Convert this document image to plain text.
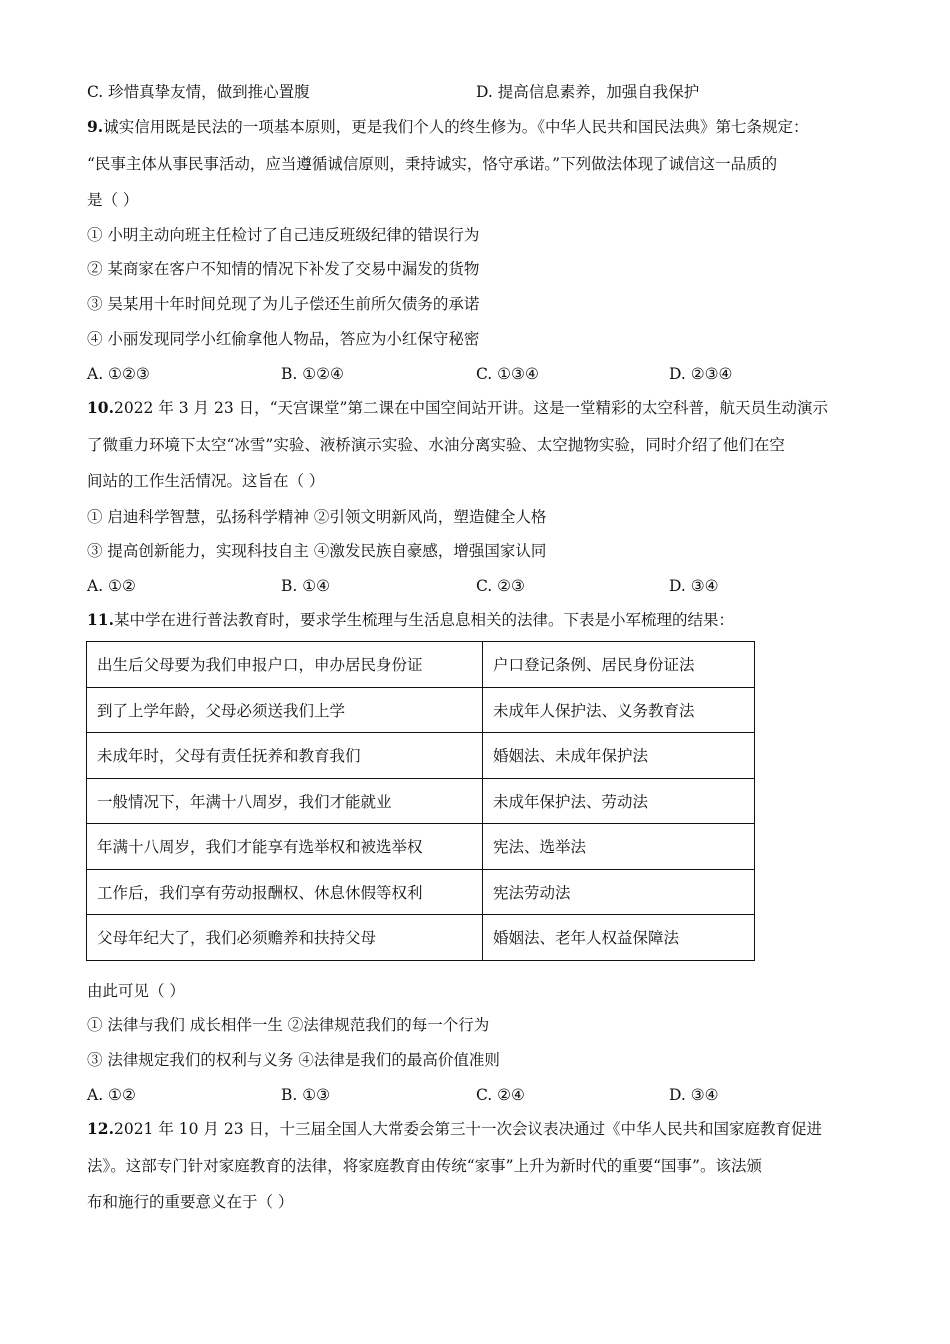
C. 珍惜真挚友情，做到推心置腹	D. 提高信息素养，加强自我保护
9.诚实信用既是民法的一项基本原则，更是我们个人的终生修为。《中华人民共和国民法典》第七条规定：
“民事主体从事民事活动，应当遵循诚信原则，秉持诚实，恪守承诺。”下列做法体现了诚信这一品质的
是（ ）
① 小明主动向班主任检讨了自己违反班级纪律的错误行为
② 某商家在客户不知情的情况下补发了交易中漏发的货物
③ 吴某用十年时间兑现了为儿子偿还生前所欠债务的承诺
④ 小丽发现同学小红偷拿他人物品，答应为小红保守秘密
A. ①②③	B. ①②④	C. ①③④	D. ②③④
10.2022 年 3 月 23 日，“天宫课堂”第二课在中国空间站开讲。这是一堂精彩的太空科普，航天员生动演示
了微重力环境下太空“冰雪”实验、液桥演示实验、水油分离实验、太空抛物实验，同时介绍了他们在空
间站的工作生活情况。这旨在（ ）
① 启迪科学智慧，弘扬科学精神 ②引领文明新风尚，塑造健全人格
③ 提高创新能力，实现科技自主 ④激发民族自豪感，增强国家认同
A. ①②	B. ①④	C. ②③	D. ③④
11.某中学在进行普法教育时，要求学生梳理与生活息息相关的法律。下表是小军梳理的结果：
出生后父母要为我们申报户口，申办居民身份证	户口登记条例、居民身份证法
到了上学年龄，父母必须送我们上学	未成年人保护法、义务教育法
未成年时，父母有责任抚养和教育我们	婚姻法、未成年保护法
一般情况下，年满十八周岁，我们才能就业	未成年保护法、劳动法
年满十八周岁，我们才能享有选举权和被选举权	宪法、选举法
工作后，我们享有劳动报酬权、休息休假等权利	宪法劳动法
父母年纪大了，我们必须赡养和扶持父母	婚姻法、老年人权益保障法
由此可见（ ）
① 法律与我们 成长相伴一生 ②法律规范我们的每一个行为
③ 法律规定我们的权利与义务 ④法律是我们的最高价值准则
A. ①②	B. ①③	C. ②④	D. ③④
12.2021 年 10 月 23 日，十三届全国人大常委会第三十一次会议表决通过《中华人民共和国家庭教育促进
法》。这部专门针对家庭教育的法律，将家庭教育由传统“家事”上升为新时代的重要“国事”。该法颁
布和施行的重要意义在于（ ）
